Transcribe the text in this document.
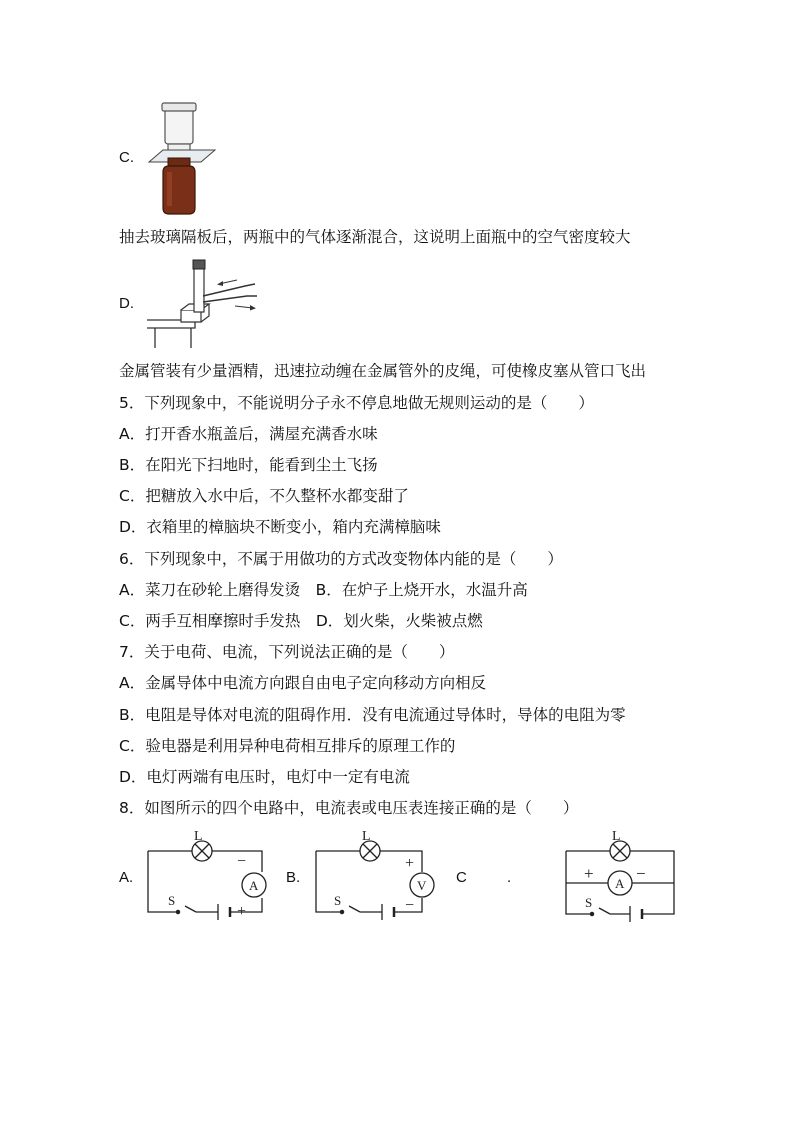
C.
抽去玻璃隔板后，两瓶中的气体逐渐混合，这说明上面瓶中的空气密度较大
D.
金属管装有少量酒精，迅速拉动缠在金属管外的皮绳，可使橡皮塞从管口飞出
5．下列现象中，不能说明分子永不停息地做无规则运动的是（　　）
A．打开香水瓶盖后，满屋充满香水味
B．在阳光下扫地时，能看到尘土飞扬
C．把糖放入水中后，不久整杯水都变甜了
D．衣箱里的樟脑块不断变小，箱内充满樟脑味
6．下列现象中，不属于用做功的方式改变物体内能的是（　　）
A．菜刀在砂轮上磨得发烫　B．在炉子上烧开水，水温升高
C．两手互相摩擦时手发热　D．划火柴，火柴被点燃
7．关于电荷、电流，下列说法正确的是（　　）
A．金属导体中电流方向跟自由电子定向移动方向相反
B．电阻是导体对电流的阻碍作用．没有电流通过导体时，导体的电阻为零
C．验电器是利用异种电荷相互排斥的原理工作的
D．电灯两端有电压时，电灯中一定有电流
8．如图所示的四个电路中，电流表或电压表连接正确的是（　　）
A.
L
A
−
+
S
B.
L
V
+
−
S
C	.
L
A
+ −
S
